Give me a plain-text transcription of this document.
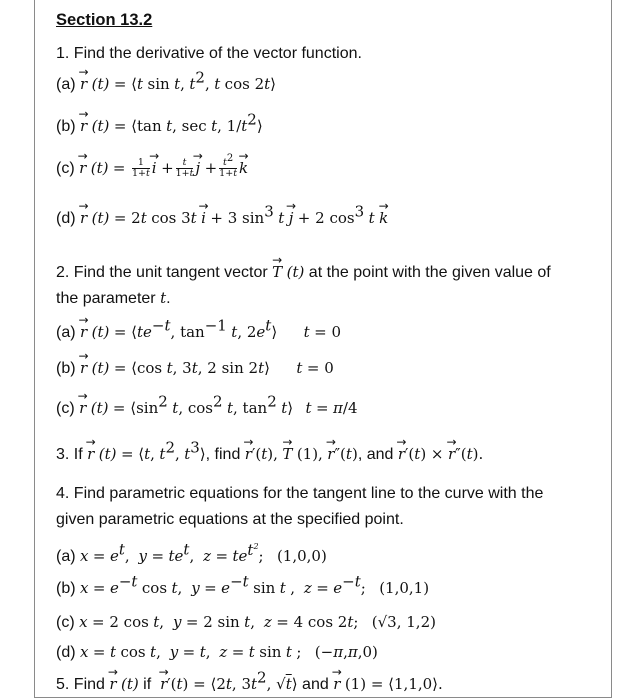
Section 13.2
1. Find the derivative of the vector function.
(a) → r (t) = ⟨t sin t, $t^2$, t cos 2t⟩
(b) → r (t) = ⟨tan t, sec t, $1/t^2⟩$
(c) → r $(t) = \frac{1}{1+t} \to i + \frac{t}{1+t} \to j + \frac{t^2}{1+t} \to k$
(d) → r (t) = 2t cos 3t → i + 3 $\sin^3 t \to j + 2$ $\cos^3 t \to k$
2. Find the unit tangent vector → T (t) at the point with the given value of
the parameter t.
(a) → r $(t) = ⟨te^{-t}$, $\tan^{-1} t$, $2e^t⟩$ t = 0
(b) → r (t) = ⟨cos t, 3t, 2 sin 2t⟩ t = 0
(c) → r $(t) = ⟨\sin^2$ t, $\cos^2 t$, $\tan^2$ t⟩ t = π/4
3. If → r (t) = ⟨t, $t^2$, $t^3⟩$, find → r′(t), → T (1), → r″(t), and → r′(t) × → r″(t).
4. Find parametric equations for the tangent line to the curve with the
given parametric equations at the specified point.
(a) $x = e^t$, $y = te^t$, $z = te^{t^2}$; (1,0,0)
(b) $x = e^{-t}$ cos t, $y = e^{-t}$ sin t , $z = e^{-t}$; (1,0,1)
(c) x = 2 cos t, y = 2 sin t, z = 4 cos 2t; (√3, 1,2)
(d) x = t cos t, y = t, z = t sin t ; (−π,π,0)
5. Find → r (t) if  → r′(t) = ⟨2t, $3t^2$, √t⟩ and → r (1) = ⟨1,1,0⟩.
